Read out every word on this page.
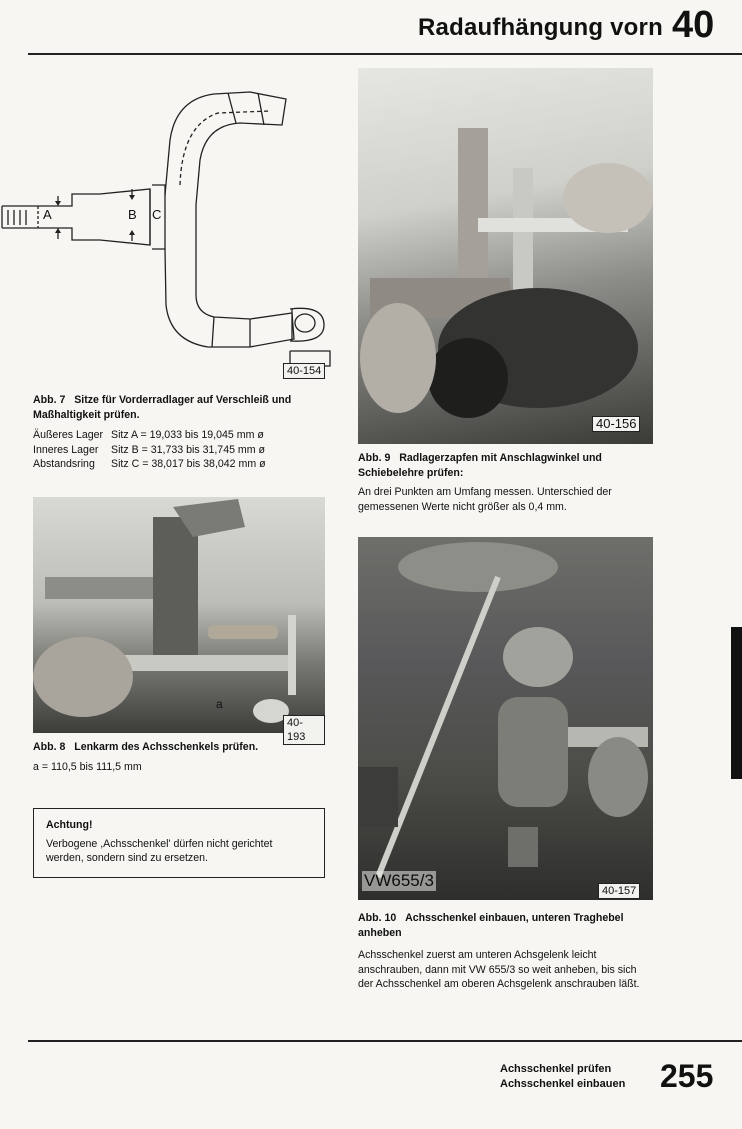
Radaufhängung vorn 40
A	B C
40-154
Abb. 7 Sitze für Vorderradlager auf Verschleiß und Maßhaltigkeit prüfen.
Äußeres Lager Sitz A = 19,033 bis 19,045 mm ø
Inneres Lager	Sitz B = 31,733 bis 31,745 mm ø
Abstandsring	Sitz C = 38,017 bis 38,042 mm ø
a
40-193
Abb. 8 Lenkarm des Achsschenkels prüfen.
a = 110,5 bis 111,5 mm
Achtung!
Verbogene ,Achsschenkel' dürfen nicht gerichtet werden, sondern sind zu ersetzen.
40-156
Abb. 9 Radlagerzapfen mit Anschlagwinkel und Schiebelehre prüfen:
An drei Punkten am Umfang messen. Unterschied der gemessenen Werte nicht größer als 0,4 mm.
VW655/3
40-157
Abb. 10 Achsschenkel einbauen, unteren Traghebel anheben
Achsschenkel zuerst am unteren Achsgelenk leicht anschrauben, dann mit VW 655/3 so weit anheben, bis sich der Achsschenkel am oberen Achsgelenk anschrauben läßt.
Achsschenkel prüfen
Achsschenkel einbauen 255
